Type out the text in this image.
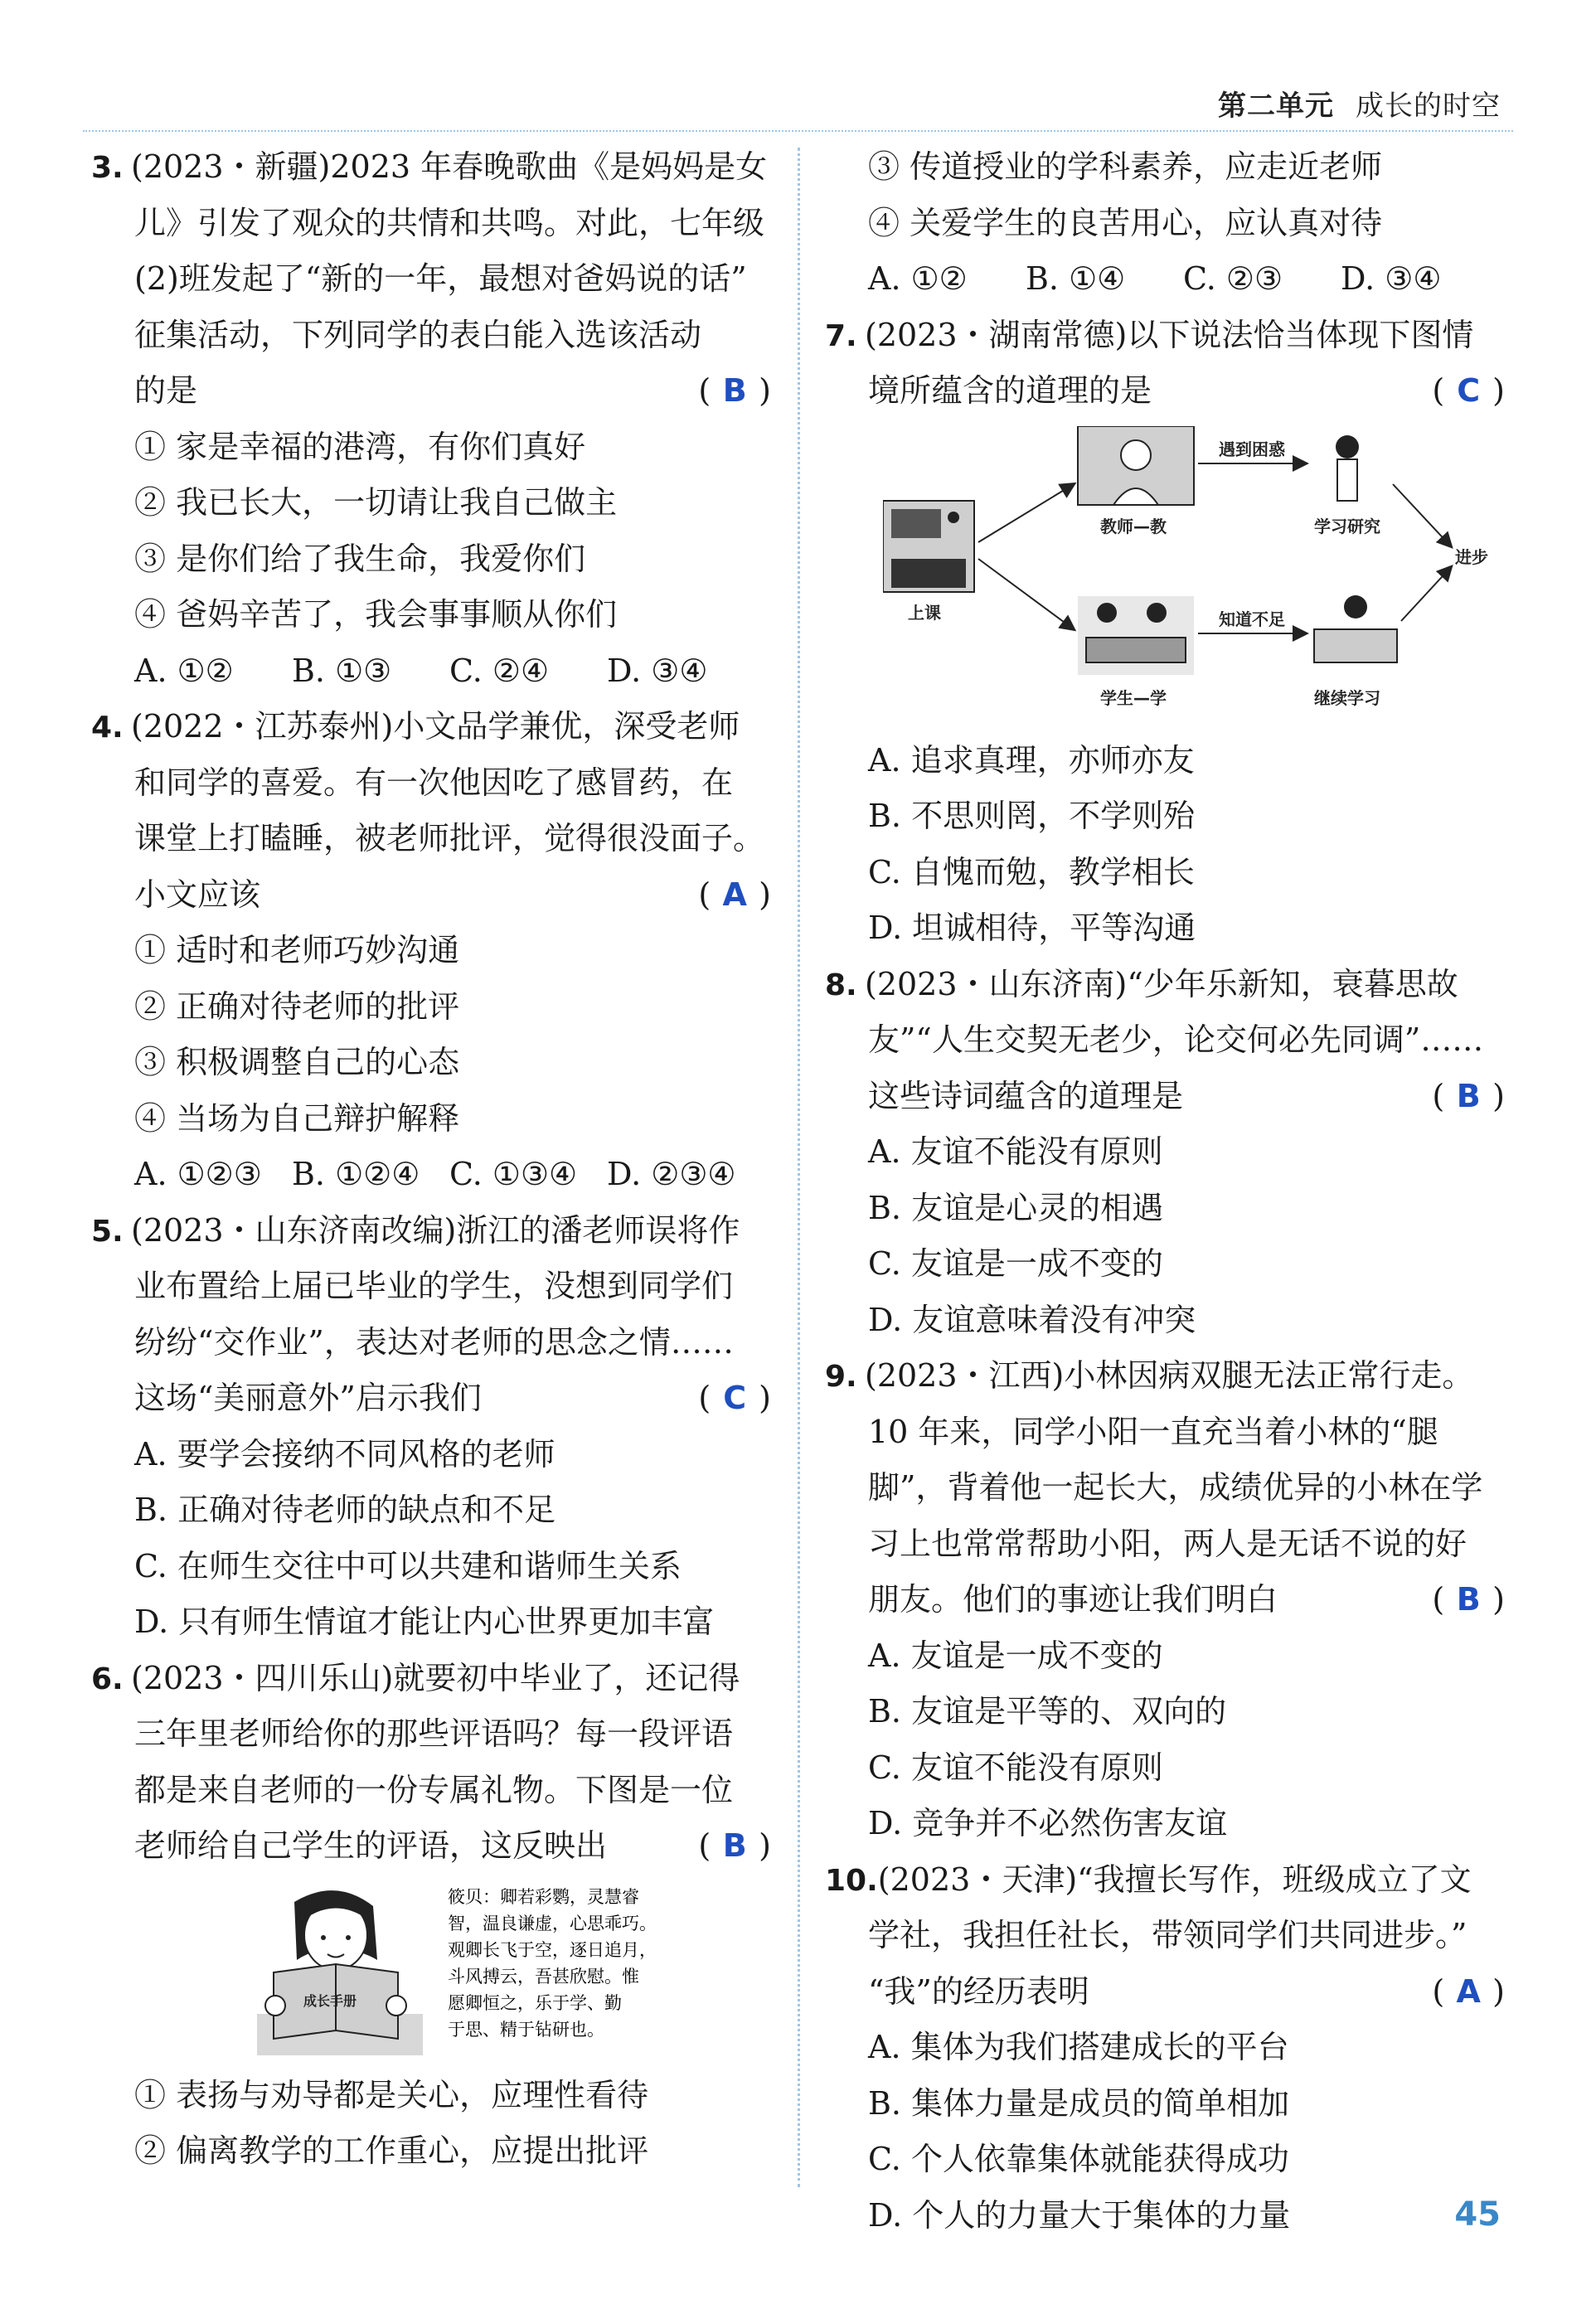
第二单元 成长的时空
3. (2023・新疆)2023 年春晚歌曲《是妈妈是女
儿》引发了观众的共情和共鸣。对此，七年级
(2)班发起了“新的一年，最想对爸妈说的话”
征集活动，下列同学的表白能入选该活动
的是	( B )
① 家是幸福的港湾，有你们真好
② 我已长大，一切请让我自己做主
③ 是你们给了我生命，我爱你们
④ 爸妈辛苦了，我会事事顺从你们
A. ①② B. ①③ C. ②④ D. ③④
4. (2022・江苏泰州)小文品学兼优，深受老师
和同学的喜爱。有一次他因吃了感冒药，在
课堂上打瞌睡，被老师批评，觉得很没面子。
小文应该	( A )
① 适时和老师巧妙沟通
② 正确对待老师的批评
③ 积极调整自己的心态
④ 当场为自己辩护解释
A. ①②③ B. ①②④ C. ①③④ D. ②③④
5. (2023・山东济南改编)浙江的潘老师误将作
业布置给上届已毕业的学生，没想到同学们
纷纷“交作业”，表达对老师的思念之情……
这场“美丽意外”启示我们	( C )
A. 要学会接纳不同风格的老师
B. 正确对待老师的缺点和不足
C. 在师生交往中可以共建和谐师生关系
D. 只有师生情谊才能让内心世界更加丰富
6. (2023・四川乐山)就要初中毕业了，还记得
三年里老师给你的那些评语吗？每一段评语
都是来自老师的一份专属礼物。下图是一位
老师给自己学生的评语，这反映出	( B )
成长手册
筱贝：卿若彩鹦，灵慧睿
智，温良谦虚，心思乖巧。
观卿长飞于空，逐日追月，
斗风搏云，吾甚欣慰。惟
愿卿恒之，乐于学、勤
于思、精于钻研也。
① 表扬与劝导都是关心，应理性看待
② 偏离教学的工作重心，应提出批评
③ 传道授业的学科素养，应走近老师
④ 关爱学生的良苦用心，应认真对待
A. ①② B. ①④ C. ②③ D. ③④
7. (2023・湖南常德)以下说法恰当体现下图情
境所蕴含的道理的是	( C )
上课
教师—教
学生—学
遇到困惑
知道不足
学习研究
继续学习
进步
A. 追求真理，亦师亦友
B. 不思则罔，不学则殆
C. 自愧而勉，教学相长
D. 坦诚相待，平等沟通
8. (2023・山东济南)“少年乐新知，衰暮思故
友”“人生交契无老少，论交何必先同调”……
这些诗词蕴含的道理是	( B )
A. 友谊不能没有原则
B. 友谊是心灵的相遇
C. 友谊是一成不变的
D. 友谊意味着没有冲突
9. (2023・江西)小林因病双腿无法正常行走。
10 年来，同学小阳一直充当着小林的“腿
脚”，背着他一起长大，成绩优异的小林在学
习上也常常帮助小阳，两人是无话不说的好
朋友。他们的事迹让我们明白	( B )
A. 友谊是一成不变的
B. 友谊是平等的、双向的
C. 友谊不能没有原则
D. 竞争并不必然伤害友谊
10.(2023・天津)“我擅长写作，班级成立了文
学社，我担任社长，带领同学们共同进步。”
“我”的经历表明	( A )
A. 集体为我们搭建成长的平台
B. 集体力量是成员的简单相加
C. 个人依靠集体就能获得成功
D. 个人的力量大于集体的力量	45
